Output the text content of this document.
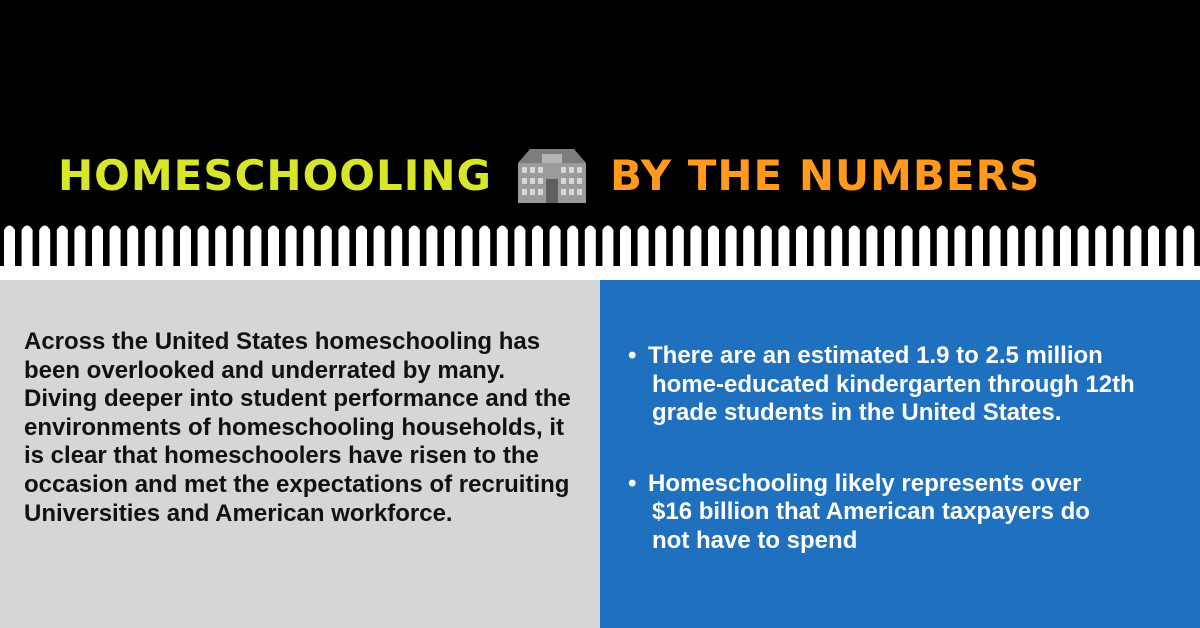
HOMESCHOOLING	BY THE NUMBERS

Across the United States homeschooling has
been overlooked and underrated by many.
Diving deeper into student performance and the
environments of homeschooling households, it
is clear that homeschoolers have risen to the
occasion and met the expectations of recruiting
Universities and American workforce.

• There are an estimated 1.9 to 2.5 million
home-educated kindergarten through 12th
grade students in the United States.
• Homeschooling likely represents over
$16 billion that American taxpayers do
not have to spend
